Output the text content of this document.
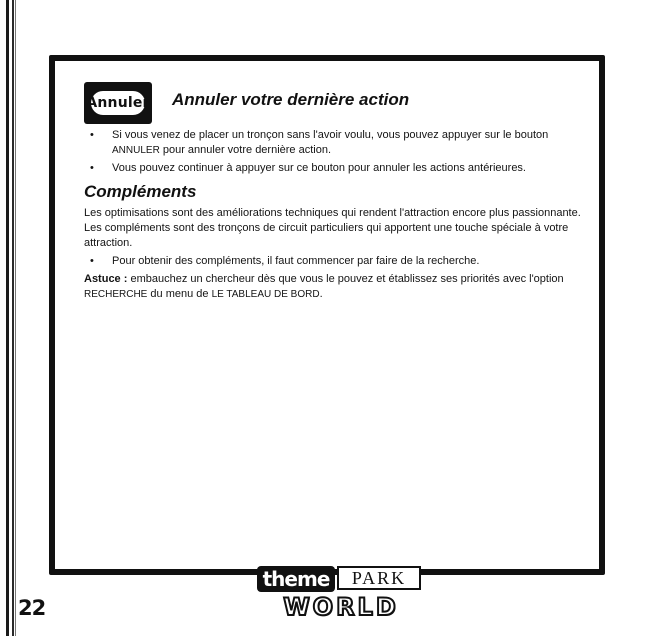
Annuler Annuler votre dernière action
• Si vous venez de placer un tronçon sans l'avoir voulu, vous pouvez appuyer sur le bouton ANNULER pour annuler votre dernière action.
• Vous pouvez continuer à appuyer sur ce bouton pour annuler les actions antérieures.
Compléments

Les optimisations sont des améliorations techniques qui rendent l'attraction encore plus passionnante. Les compléments sont des tronçons de circuit particuliers qui apportent une touche spéciale à votre attraction.

• Pour obtenir des compléments, il faut commencer par faire de la recherche.

Astuce : embauchez un chercheur dès que vous le pouvez et établissez ses priorités avec l'option RECHERCHE du menu de LE TABLEAU DE BORD.

22
theme	PARK
WORLD
